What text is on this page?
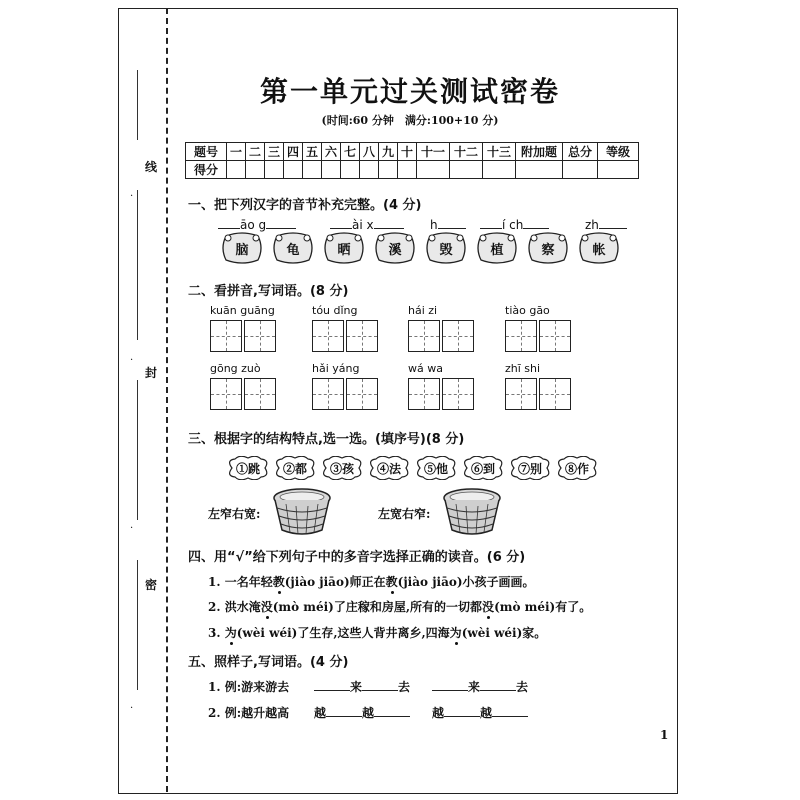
.
.
.
.
线
封
密
第一单元过关测试密卷
(时间:60 分钟　满分:100+10 分)
题号	一	二	三	四	五	六	七	八	九	十	十一	十二	十三	附加题	总分	等级
得分																
一、把下列汉字的音节补充完整。(4 分)
āo g	ài x	h	í ch	zh
脑	龟	晒	溪	毁	植	察	帐
二、看拼音,写词语。(8 分)
kuān guāng	tóu dǐng	hái zi	tiào gāo
gōng zuò	hǎi yáng	wá wa	zhī shi
三、根据字的结构特点,选一选。(填序号)(8 分)
①跳	②都	③孩	④法	⑤他	⑥到	⑦别	⑧作
左窄右宽:	左宽右窄:
四、用“√”给下列句子中的多音字选择正确的读音。(6 分)
1. 一名年轻教(jiào jiāo)师正在教(jiào jiāo)小孩子画画。
2. 洪水淹没(mò méi)了庄稼和房屋,所有的一切都没(mò méi)有了。
3. 为(wèi wéi)了生存,这些人背井离乡,四海为(wèi wéi)家。
五、照样子,写词语。(4 分)
1. 例:游来游去	来	去	来	去
2. 例:越升越高 越	越	越	越
1
